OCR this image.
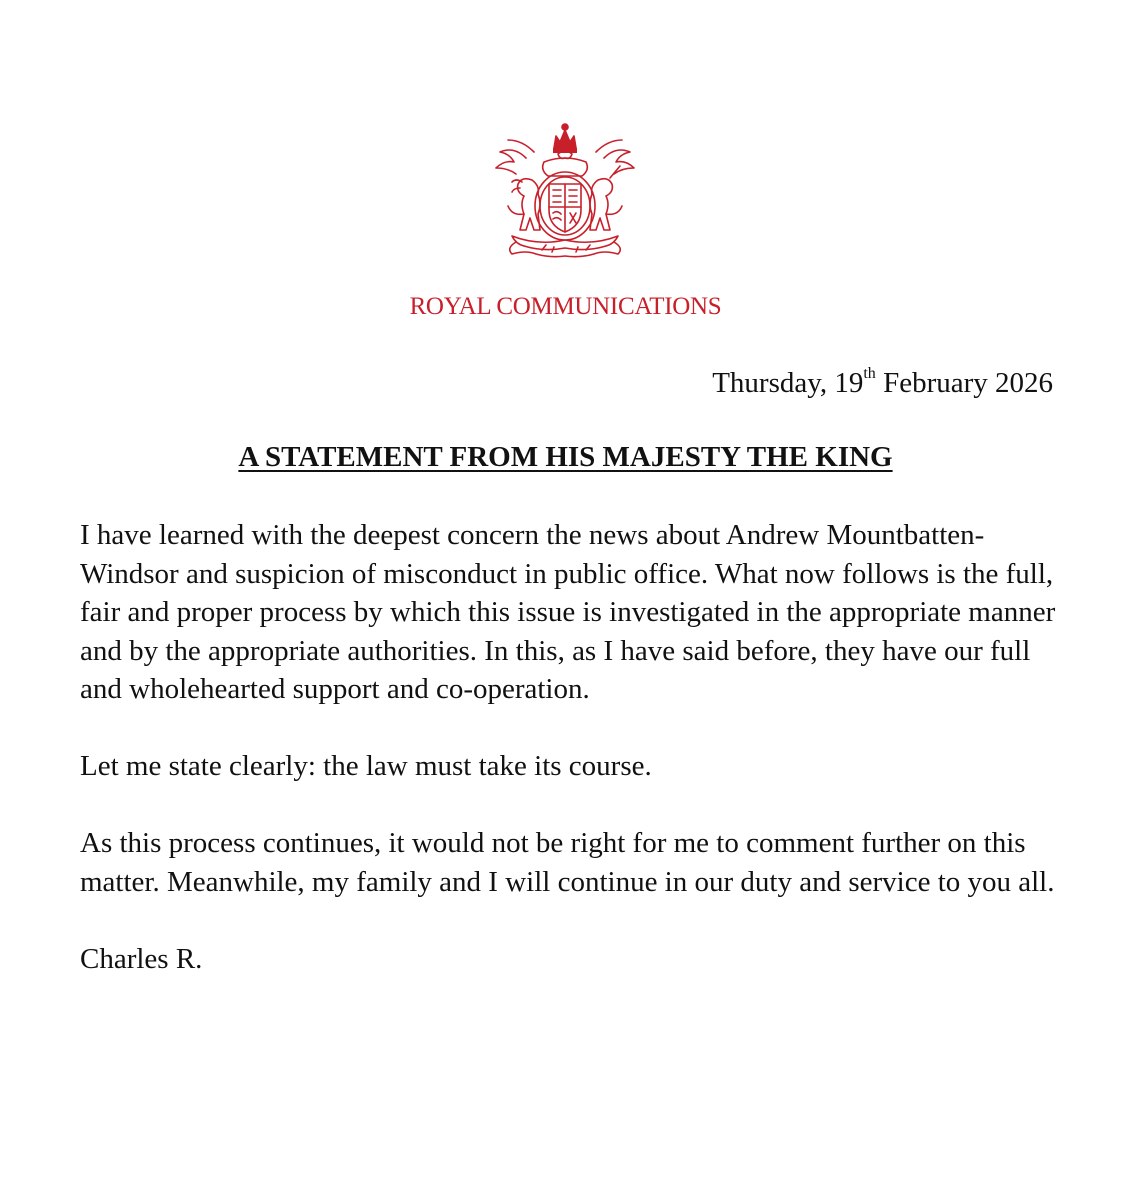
ROYAL COMMUNICATIONS
Thursday, 19th February 2026
A STATEMENT FROM HIS MAJESTY THE KING

I have learned with the deepest concern the news about Andrew Mountbatten-Windsor and suspicion of misconduct in public office. What now follows is the full, fair and proper process by which this issue is investigated in the appropriate manner and by the appropriate authorities. In this, as I have said before, they have our full and wholehearted support and co-operation.

Let me state clearly: the law must take its course.

As this process continues, it would not be right for me to comment further on this matter. Meanwhile, my family and I will continue in our duty and service to you all.

Charles R.
